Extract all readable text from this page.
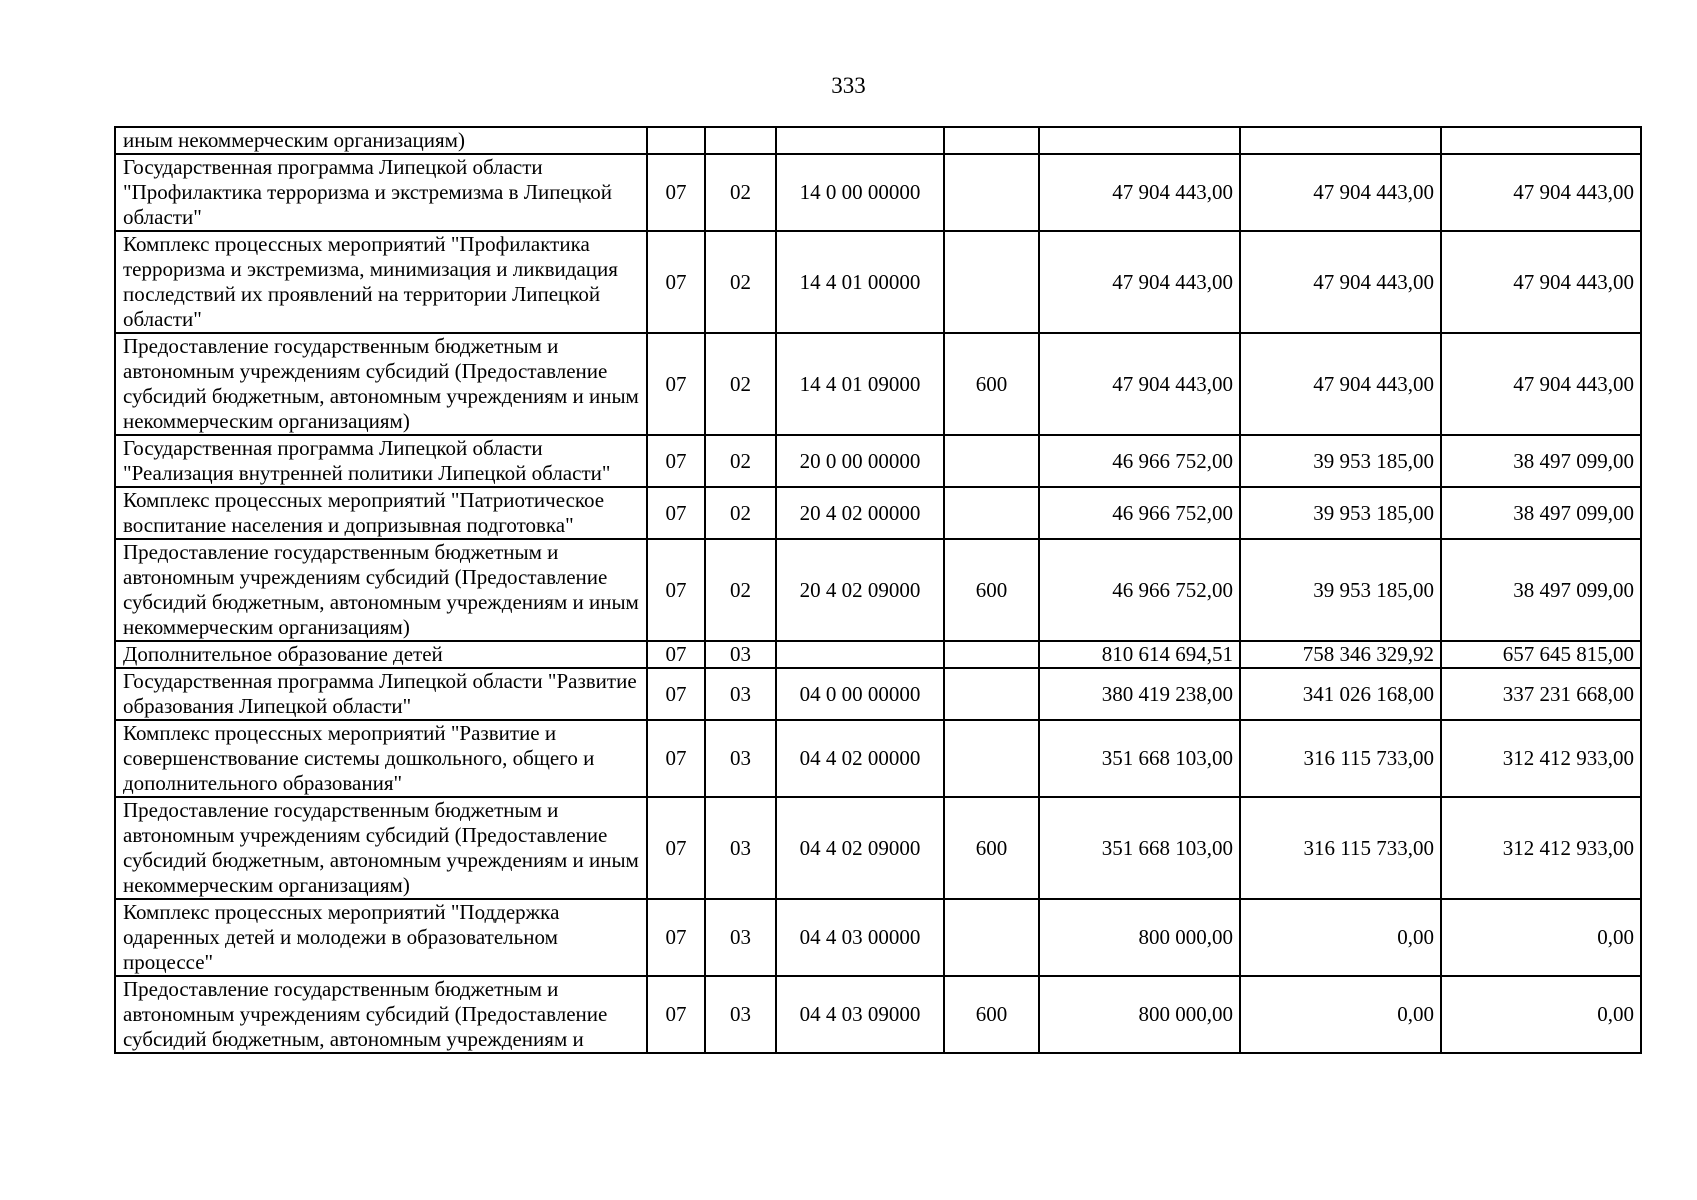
333
иным некоммерческим организациям)							
Государственная программа Липецкой области "Профилактика терроризма и экстремизма в Липецкой области"	07	02	14 0 00 00000		47 904 443,00	47 904 443,00	47 904 443,00
Комплекс процессных мероприятий "Профилактика терроризма и экстремизма, минимизация и ликвидация последствий их проявлений на территории Липецкой области"	07	02	14 4 01 00000		47 904 443,00	47 904 443,00	47 904 443,00
Предоставление государственным бюджетным и автономным учреждениям субсидий (Предоставление субсидий бюджетным, автономным учреждениям и иным некоммерческим организациям)	07	02	14 4 01 09000	600	47 904 443,00	47 904 443,00	47 904 443,00
Государственная программа Липецкой области "Реализация внутренней политики Липецкой области"	07	02	20 0 00 00000		46 966 752,00	39 953 185,00	38 497 099,00
Комплекс процессных мероприятий "Патриотическое воспитание населения и допризывная подготовка"	07	02	20 4 02 00000		46 966 752,00	39 953 185,00	38 497 099,00
Предоставление государственным бюджетным и автономным учреждениям субсидий (Предоставление субсидий бюджетным, автономным учреждениям и иным некоммерческим организациям)	07	02	20 4 02 09000	600	46 966 752,00	39 953 185,00	38 497 099,00
Дополнительное образование детей	07	03			810 614 694,51	758 346 329,92	657 645 815,00
Государственная программа Липецкой области "Развитие образования Липецкой области"	07	03	04 0 00 00000		380 419 238,00	341 026 168,00	337 231 668,00
Комплекс процессных мероприятий "Развитие и совершенствование системы дошкольного, общего и дополнительного образования"	07	03	04 4 02 00000		351 668 103,00	316 115 733,00	312 412 933,00
Предоставление государственным бюджетным и автономным учреждениям субсидий (Предоставление субсидий бюджетным, автономным учреждениям и иным некоммерческим организациям)	07	03	04 4 02 09000	600	351 668 103,00	316 115 733,00	312 412 933,00
Комплекс процессных мероприятий "Поддержка одаренных детей и молодежи в образовательном процессе"	07	03	04 4 03 00000		800 000,00	0,00	0,00
Предоставление государственным бюджетным и автономным учреждениям субсидий (Предоставление субсидий бюджетным, автономным учреждениям и	07	03	04 4 03 09000	600	800 000,00	0,00	0,00
